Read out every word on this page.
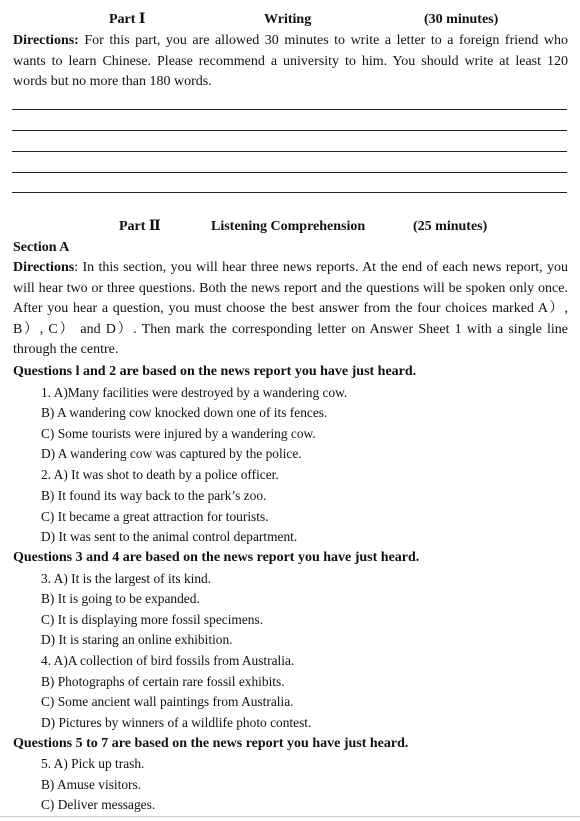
Part Ⅰ	Writing	(30 minutes)

Directions: For this part, you are allowed 30 minutes to write a letter to a foreign friend who wants to learn Chinese. Please recommend a university to him. You should write at least 120 words but no more than 180 words.

Part Ⅱ	Listening Comprehension	(25 minutes)
Section A

Directions: In this section, you will hear three news reports. At the end of each news report, you will hear two or three questions. Both the news report and the questions will be spoken only once. After you hear a question, you must choose the best answer from the four choices marked A）, B）, C） and D）. Then mark the corresponding letter on Answer Sheet 1 with a single line through the centre.

Questions l and 2 are based on the news report you have just heard.
1. A)Many facilities were destroyed by a wandering cow.
B) A wandering cow knocked down one of its fences.
C) Some tourists were injured by a wandering cow.
D) A wandering cow was captured by the police.
2. A) It was shot to death by a police officer.
B) It found its way back to the park’s zoo.
C) It became a great attraction for tourists.
D) It was sent to the animal control department.
Questions 3 and 4 are based on the news report you have just heard.
3. A) It is the largest of its kind.
B) It is going to be expanded.
C) It is displaying more fossil specimens.
D) It is staring an online exhibition.
4. A)A collection of bird fossils from Australia.
B) Photographs of certain rare fossil exhibits.
C) Some ancient wall paintings from Australia.
D) Pictures by winners of a wildlife photo contest.
Questions 5 to 7 are based on the news report you have just heard.
5. A) Pick up trash.
B) Amuse visitors.
C) Deliver messages.
